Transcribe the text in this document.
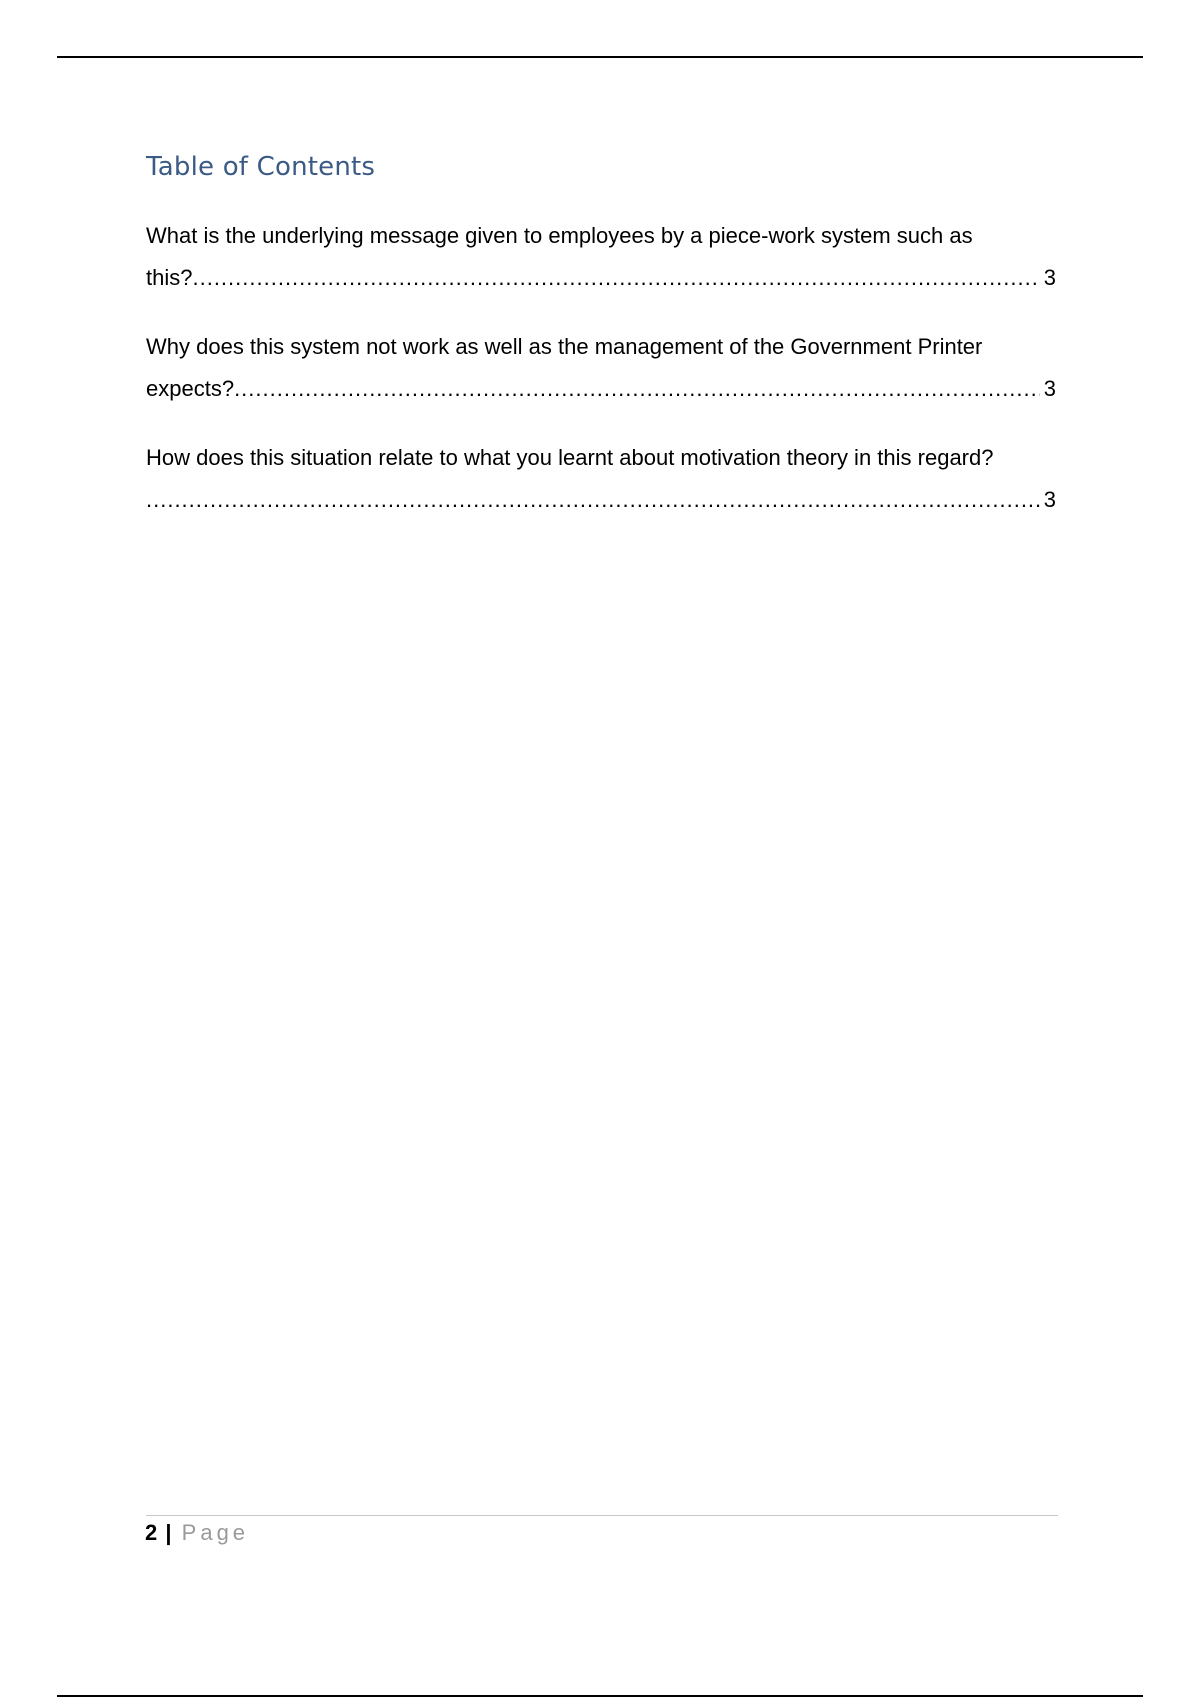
Table of Contents
What is the underlying message given to employees by a piece-work system such as
this? .....	3
Why does this system not work as well as the management of the Government Printer
expects? .....	3
How does this situation relate to what you learnt about motivation theory in this regard?
.....
3
2 | Page
